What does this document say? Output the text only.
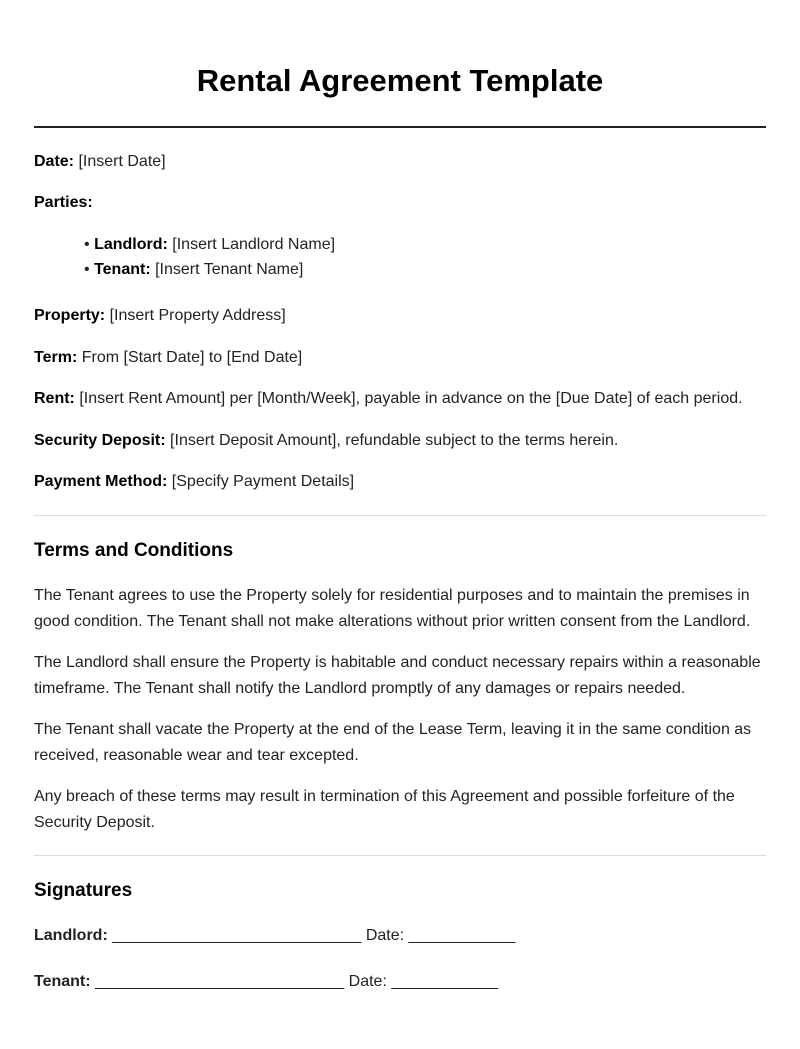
Rental Agreement Template
Date: [Insert Date]
Parties:
• Landlord: [Insert Landlord Name]
• Tenant: [Insert Tenant Name]
Property: [Insert Property Address]
Term: From [Start Date] to [End Date]
Rent: [Insert Rent Amount] per [Month/Week], payable in advance on the [Due Date] of each period.
Security Deposit: [Insert Deposit Amount], refundable subject to the terms herein.
Payment Method: [Specify Payment Details]
Terms and Conditions

The Tenant agrees to use the Property solely for residential purposes and to maintain the premises in good condition. The Tenant shall not make alterations without prior written consent from the Landlord.

The Landlord shall ensure the Property is habitable and conduct necessary repairs within a reasonable timeframe. The Tenant shall notify the Landlord promptly of any damages or repairs needed.

The Tenant shall vacate the Property at the end of the Lease Term, leaving it in the same condition as received, reasonable wear and tear excepted.

Any breach of these terms may result in termination of this Agreement and possible forfeiture of the Security Deposit.

Signatures
Landlord: ____________________________ Date: ____________
Tenant: ____________________________ Date: ____________
